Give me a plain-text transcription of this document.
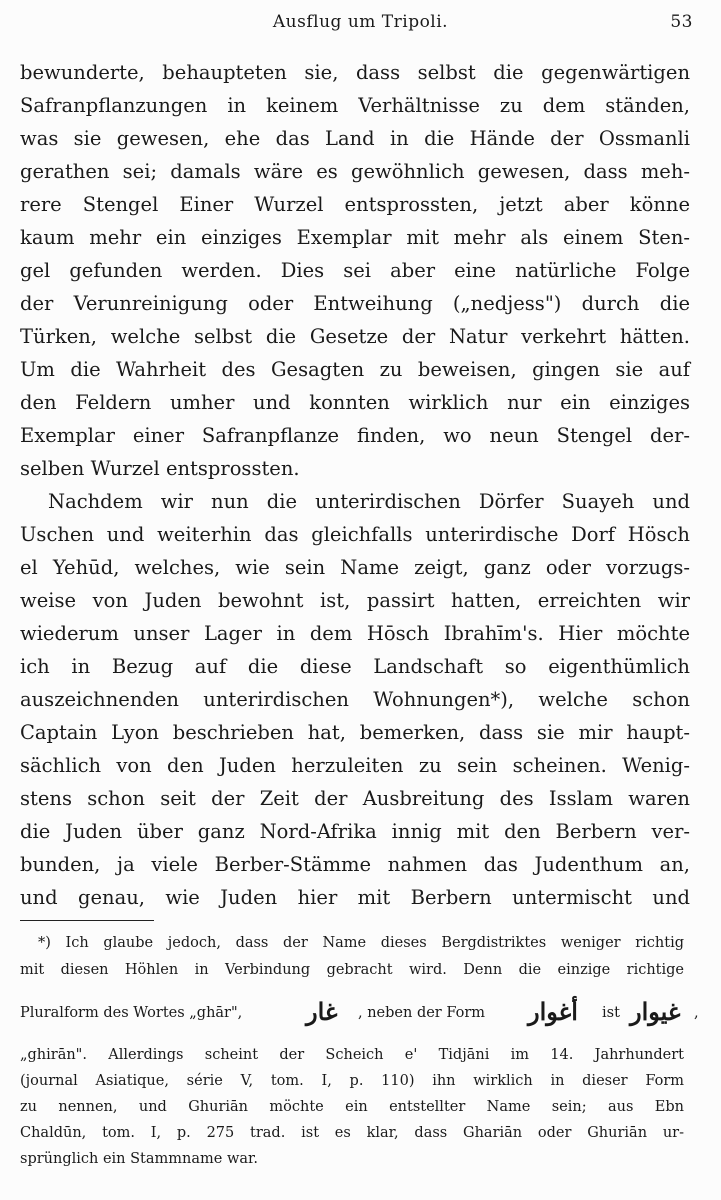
Ausflug um Tripoli.	53
bewunderte, behaupteten sie, dass selbst die gegenwärtigen
Safranpflanzungen in keinem Verhältnisse zu dem ständen,
was sie gewesen, ehe das Land in die Hände der Ossmanli
gerathen sei; damals wäre es gewöhnlich gewesen, dass meh-
rere Stengel Einer Wurzel entsprossten, jetzt aber könne
kaum mehr ein einziges Exemplar mit mehr als einem Sten-
gel gefunden werden. Dies sei aber eine natürliche Folge
der Verunreinigung oder Entweihung („nedjess") durch die
Türken, welche selbst die Gesetze der Natur verkehrt hätten.
Um die Wahrheit des Gesagten zu beweisen, gingen sie auf
den Feldern umher und konnten wirklich nur ein einziges
Exemplar einer Safranpflanze finden, wo neun Stengel der-
selben Wurzel entsprossten.
Nachdem wir nun die unterirdischen Dörfer Suayeh und
Uschen und weiterhin das gleichfalls unterirdische Dorf Hösch
el Yehūd, welches, wie sein Name zeigt, ganz oder vorzugs-
weise von Juden bewohnt ist, passirt hatten, erreichten wir
wiederum unser Lager in dem Hōsch Ibrahīm's. Hier möchte
ich in Bezug auf die diese Landschaft so eigenthümlich
auszeichnenden unterirdischen Wohnungen*), welche schon
Captain Lyon beschrieben hat, bemerken, dass sie mir haupt-
sächlich von den Juden herzuleiten zu sein scheinen. Wenig-
stens schon seit der Zeit der Ausbreitung des Isslam waren
die Juden über ganz Nord-Afrika innig mit den Berbern ver-
bunden, ja viele Berber-Stämme nahmen das Judenthum an,
und genau, wie Juden hier mit Berbern untermischt und
*) Ich glaube jedoch, dass der Name dieses Bergdistriktes weniger richtig
mit diesen Höhlen in Verbindung gebracht wird. Denn die einzige richtige
Pluralform des Wortes „ghār",	غار , neben der Form أغوار ist غيوار ,
„ghirān". Allerdings scheint der Scheich e' Tidjāni im 14. Jahrhundert
(journal Asiatique, série V, tom. I, p. 110) ihn wirklich in dieser Form
zu nennen, und Ghuriān möchte ein entstellter Name sein; aus Ebn
Chaldūn, tom. I, p. 275 trad. ist es klar, dass Ghariān oder Ghuriān ur-
sprünglich ein Stammname war.
